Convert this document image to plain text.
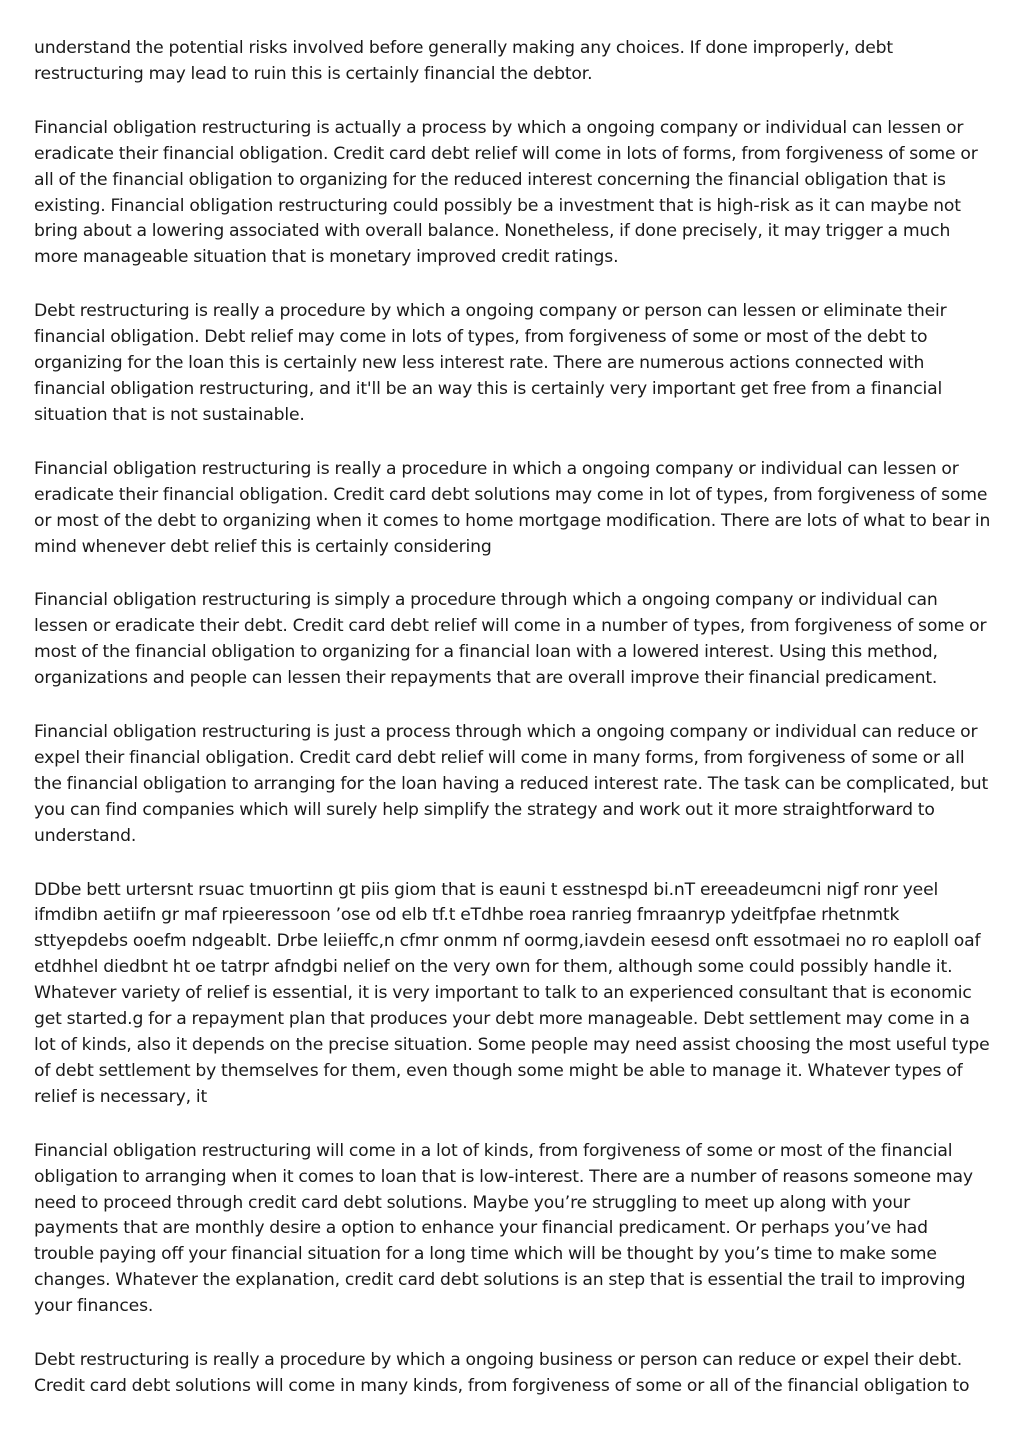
understand the potential risks involved before generally making any choices. If done improperly, debt restructuring may lead to ruin this is certainly financial the debtor.

Financial obligation restructuring is actually a process by which a ongoing company or individual can lessen or eradicate their financial obligation. Credit card debt relief will come in lots of forms, from forgiveness of some or all of the financial obligation to organizing for the reduced interest concerning the financial obligation that is existing. Financial obligation restructuring could possibly be a investment that is high-risk as it can maybe not bring about a lowering associated with overall balance. Nonetheless, if done precisely, it may trigger a much more manageable situation that is monetary improved credit ratings.

Debt restructuring is really a procedure by which a ongoing company or person can lessen or eliminate their financial obligation. Debt relief may come in lots of types, from forgiveness of some or most of the debt to organizing for the loan this is certainly new less interest rate. There are numerous actions connected with financial obligation restructuring, and it'll be an way this is certainly very important get free from a financial situation that is not sustainable.

Financial obligation restructuring is really a procedure in which a ongoing company or individual can lessen or eradicate their financial obligation. Credit card debt solutions may come in lot of types, from forgiveness of some or most of the debt to organizing when it comes to home mortgage modification. There are lots of what to bear in mind whenever debt relief this is certainly considering

Financial obligation restructuring is simply a procedure through which a ongoing company or individual can lessen or eradicate their debt. Credit card debt relief will come in a number of types, from forgiveness of some or most of the financial obligation to organizing for a financial loan with a lowered interest. Using this method, organizations and people can lessen their repayments that are overall improve their financial predicament.

Financial obligation restructuring is just a process through which a ongoing company or individual can reduce or expel their financial obligation. Credit card debt relief will come in many forms, from forgiveness of some or all the financial obligation to arranging for the loan having a reduced interest rate. The task can be complicated, but you can find companies which will surely help simplify the strategy and work out it more straightforward to understand.

DDbe bett urtersnt rsuac tmuortinn gt piis giom that is eauni t esstnespd bi.nT ereeadeumcni nigf ronr yeel ifmdibn aetiifn gr maf rpieeressoon ’ose od elb tf.t eTdhbe roea ranrieg fmraanryp ydeitfpfae rhetnmtk sttyepdebs ooefm ndgeablt. Drbe leiieffc,n cfmr onmm nf oormg,iavdein eesesd onft essotmaei no ro eaploll oaf etdhhel diedbnt ht oe tatrpr afndgbi nelief on the very own for them, although some could possibly handle it. Whatever variety of relief is essential, it is very important to talk to an experienced consultant that is economic get started.g for a repayment plan that produces your debt more manageable. Debt settlement may come in a lot of kinds, also it depends on the precise situation. Some people may need assist choosing the most useful type of debt settlement by themselves for them, even though some might be able to manage it. Whatever types of relief is necessary, it

Financial obligation restructuring will come in a lot of kinds, from forgiveness of some or most of the financial obligation to arranging when it comes to loan that is low-interest. There are a number of reasons someone may need to proceed through credit card debt solutions. Maybe you’re struggling to meet up along with your payments that are monthly desire a option to enhance your financial predicament. Or perhaps you’ve had trouble paying off your financial situation for a long time which will be thought by you’s time to make some changes. Whatever the explanation, credit card debt solutions is an step that is essential the trail to improving your finances.

Debt restructuring is really a procedure by which a ongoing business or person can reduce or expel their debt. Credit card debt solutions will come in many kinds, from forgiveness of some or all of the financial obligation to
